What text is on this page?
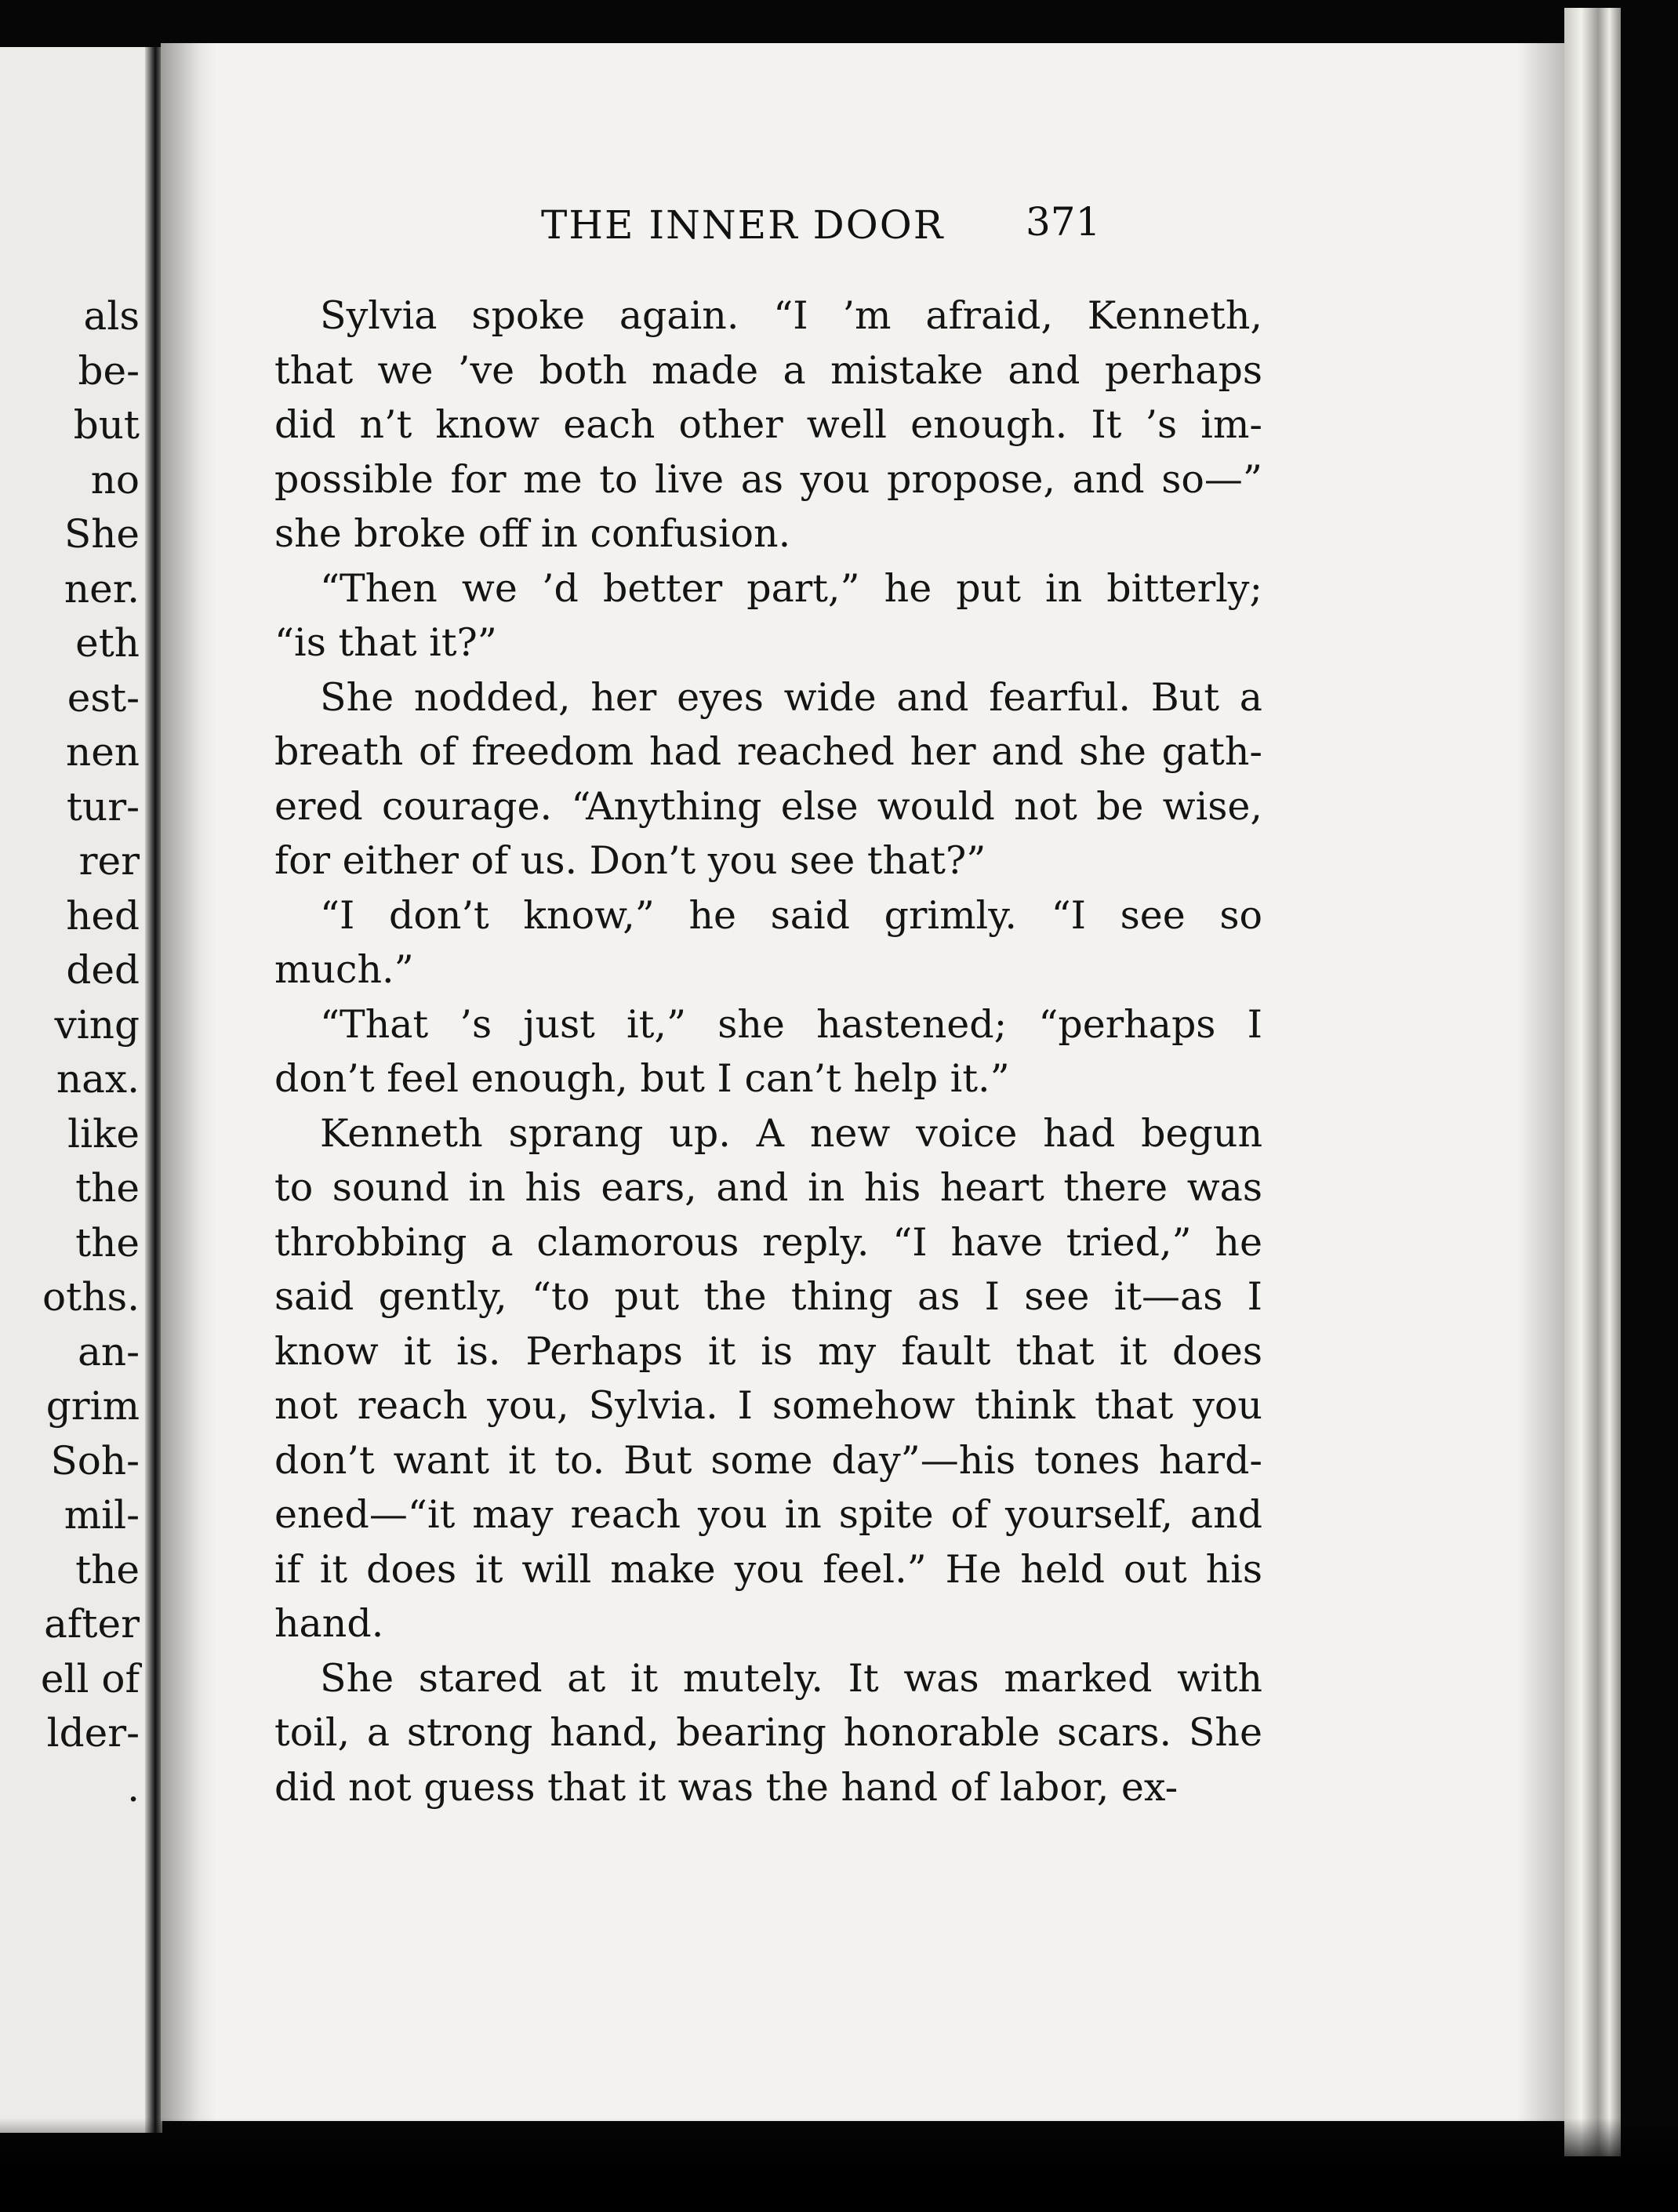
als
be-
but
no
She
ner.
eth
est-
nen
tur-
rer
hed
ded
ving
nax.
like
the
the
oths.
an-
grim
Soh-
mil-
the
after
ell of
lder-
.
THE INNER DOOR 371
Sylvia spoke again. “I ’m afraid, Kenneth,
that we ’ve both made a mistake and perhaps
did n’t know each other well enough. It ’s im-
possible for me to live as you propose, and so—”
she broke off in confusion.
“Then we ’d better part,” he put in bitterly;
“is that it?”
She nodded, her eyes wide and fearful. But a
breath of freedom had reached her and she gath-
ered courage. “Anything else would not be wise,
for either of us. Don’t you see that?”
“I don’t know,” he said grimly. “I see so
much.”
“That ’s just it,” she hastened; “perhaps I
don’t feel enough, but I can’t help it.”
Kenneth sprang up. A new voice had begun
to sound in his ears, and in his heart there was
throbbing a clamorous reply. “I have tried,” he
said gently, “to put the thing as I see it—as I
know it is. Perhaps it is my fault that it does
not reach you, Sylvia. I somehow think that you
don’t want it to. But some day”—his tones hard-
ened—“it may reach you in spite of yourself, and
if it does it will make you feel.” He held out his
hand.
She stared at it mutely. It was marked with
toil, a strong hand, bearing honorable scars. She
did not guess that it was the hand of labor, ex-
